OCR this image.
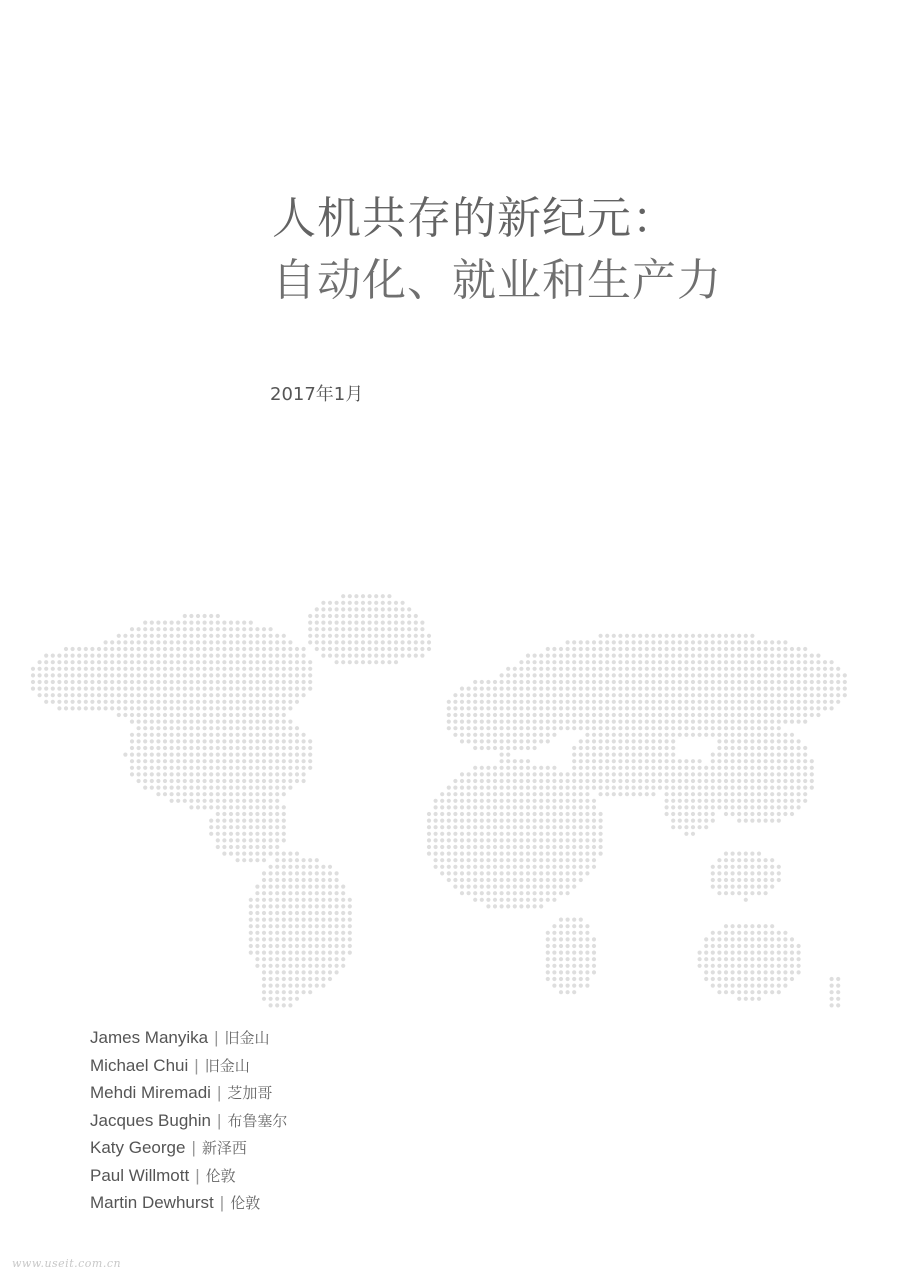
人机共存的新纪元：
自动化、就业和生产力
2017年1月
James Manyika | 旧金山
Michael Chui | 旧金山
Mehdi Miremadi | 芝加哥
Jacques Bughin | 布鲁塞尔
Katy George | 新泽西
Paul Willmott | 伦敦
Martin Dewhurst | 伦敦
www.useit.com.cn
